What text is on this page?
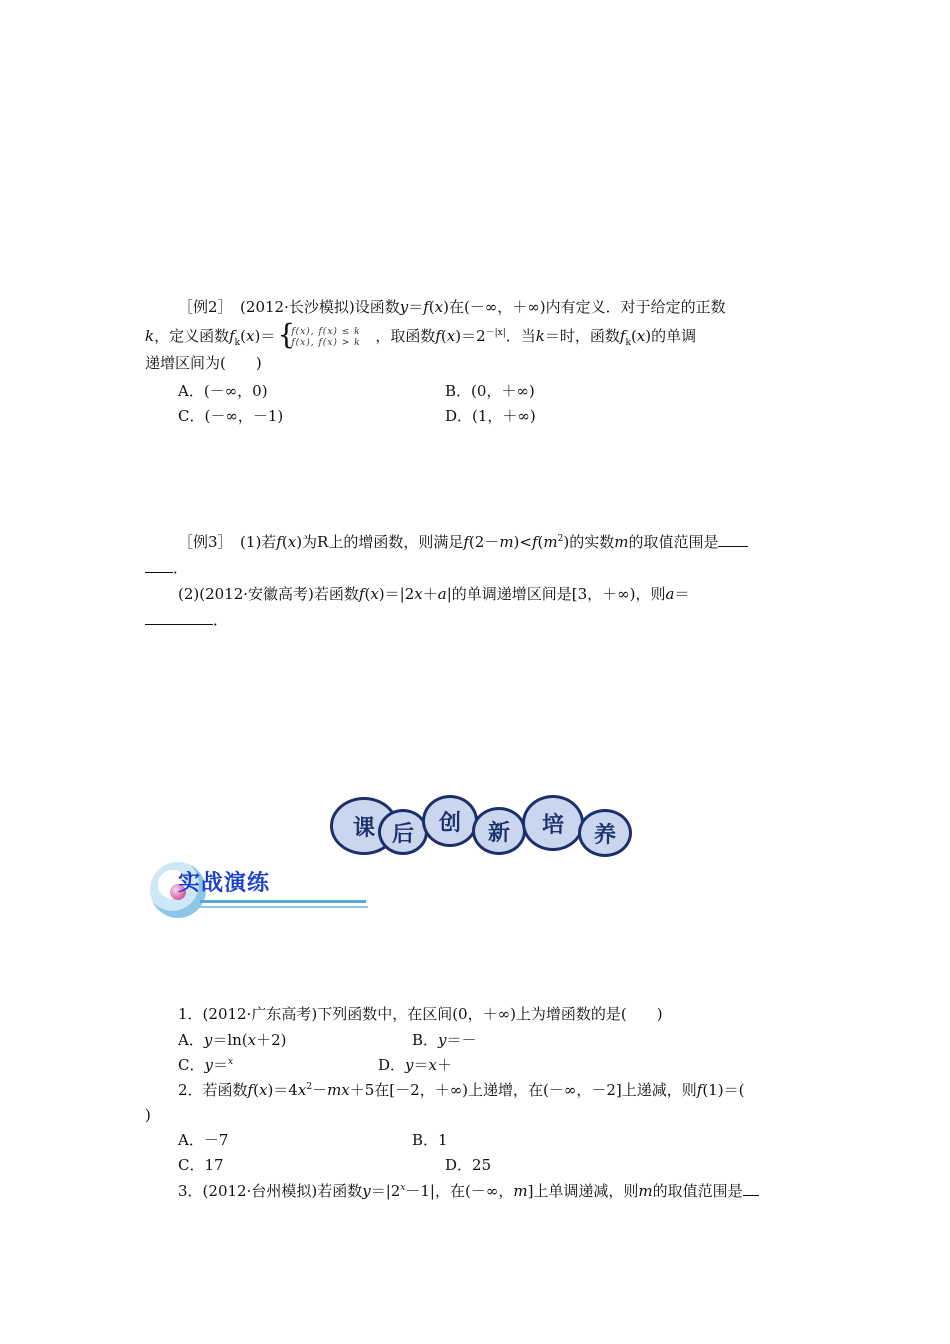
［例2］　(2012·长沙模拟)设函数y＝f(x)在(－∞，＋∞)内有定义．对于给定的正数
k，定义函数$f_k(x)=$ {
f(x), f(x) ≤ k
f(x), f(x) > k ，取函数$f(x)=2^{-|x|}$．当k＝时，函数$f_k(x)$的单调
递增区间为(　　)
A．(－∞，0)	B．(0，＋∞)
C．(－∞，－1)	D．(1，＋∞)
［例3］　(1)若f(x)为R上的增函数，则满足$f(2-m)<f(m^2)$的实数m的取值范围是
．
(2)(2012·安徽高考)若函数f(x)＝|2x＋a|的单调递增区间是[3，＋∞)，则a＝
．
课 后	创	新	培	养
实战演练
1．(2012·广东高考)下列函数中，在区间(0，＋∞)上为增函数的是(　　)
A．y＝ln(x＋2)	B．y＝－
C．y＝$^x$	D．y＝x＋
2．若函数$f(x)=4x^2-mx+5$在[－2，＋∞)上递增，在(－∞，－2]上递减，则f(1)＝(
)
A．－7	B．1
C．17	D．25
3．(2012·台州模拟)若函数$y=|2^x-1|$，在(－∞，m]上单调递减，则m的取值范围是
